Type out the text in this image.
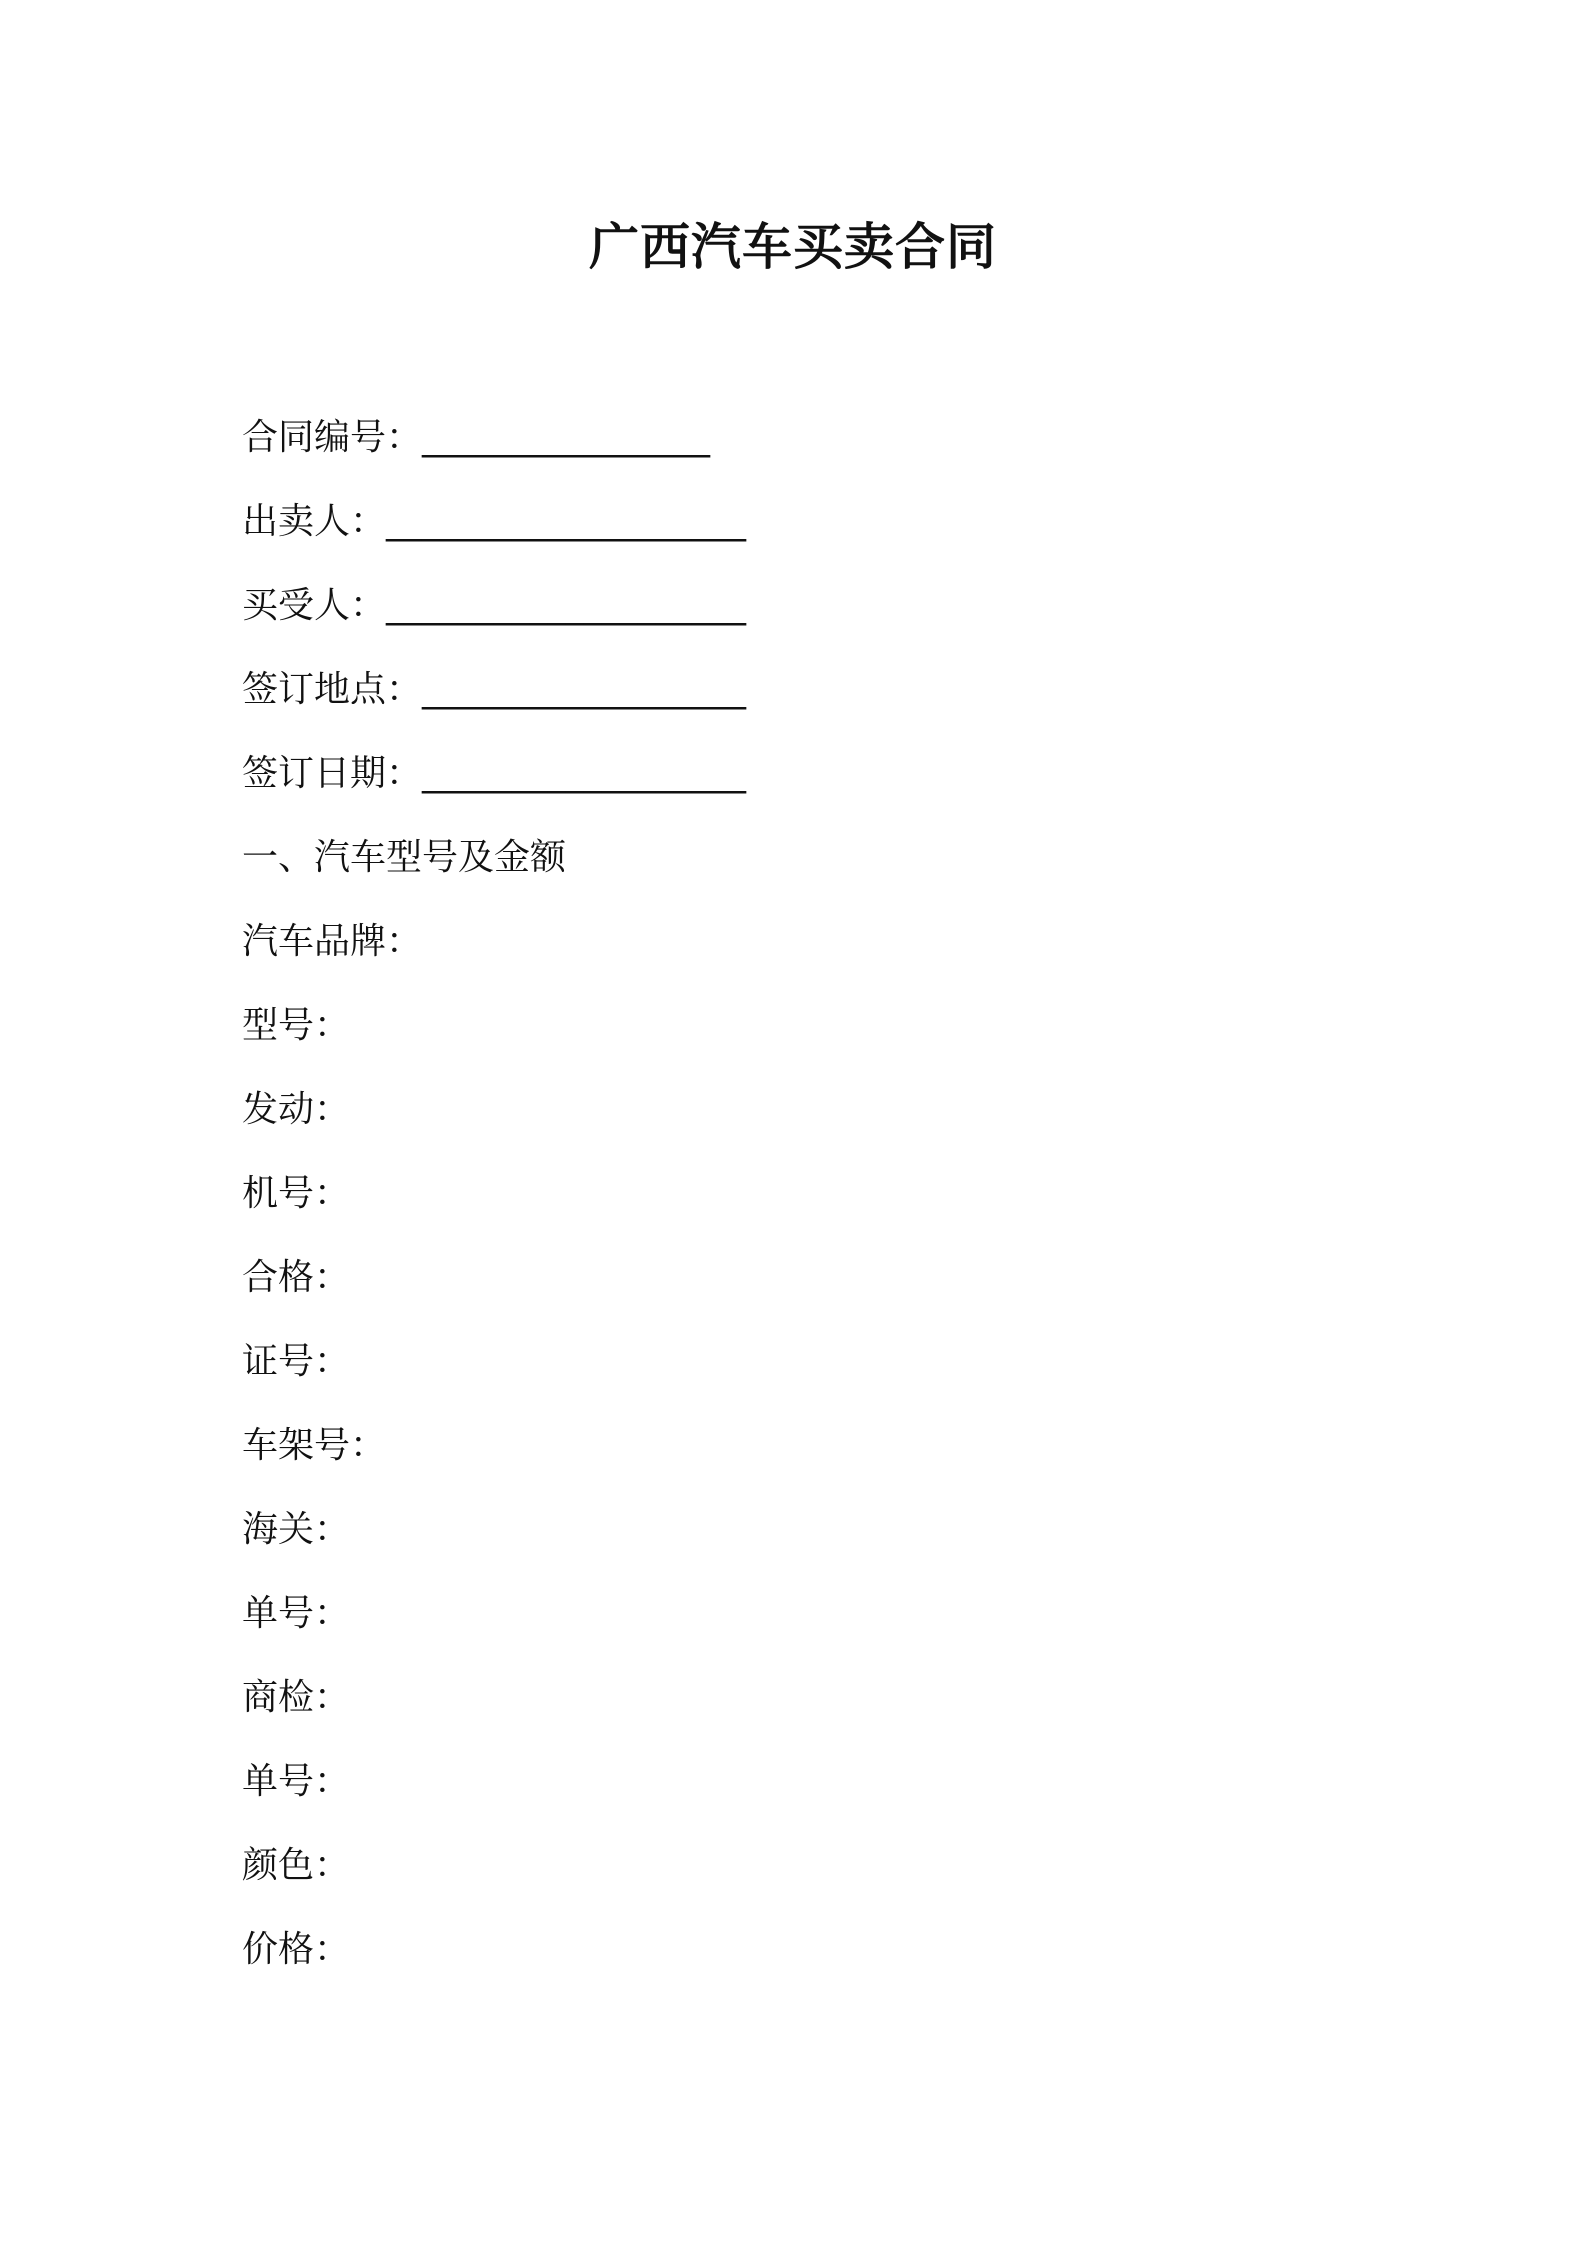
广西汽车买卖合同
合同编号：________________
出卖人：____________________
买受人：____________________
签订地点：__________________
签订日期：__________________
一、汽车型号及金额
汽车品牌：
型号：
发动：
机号：
合格：
证号：
车架号：
海关：
单号：
商检：
单号：
颜色：
价格：
